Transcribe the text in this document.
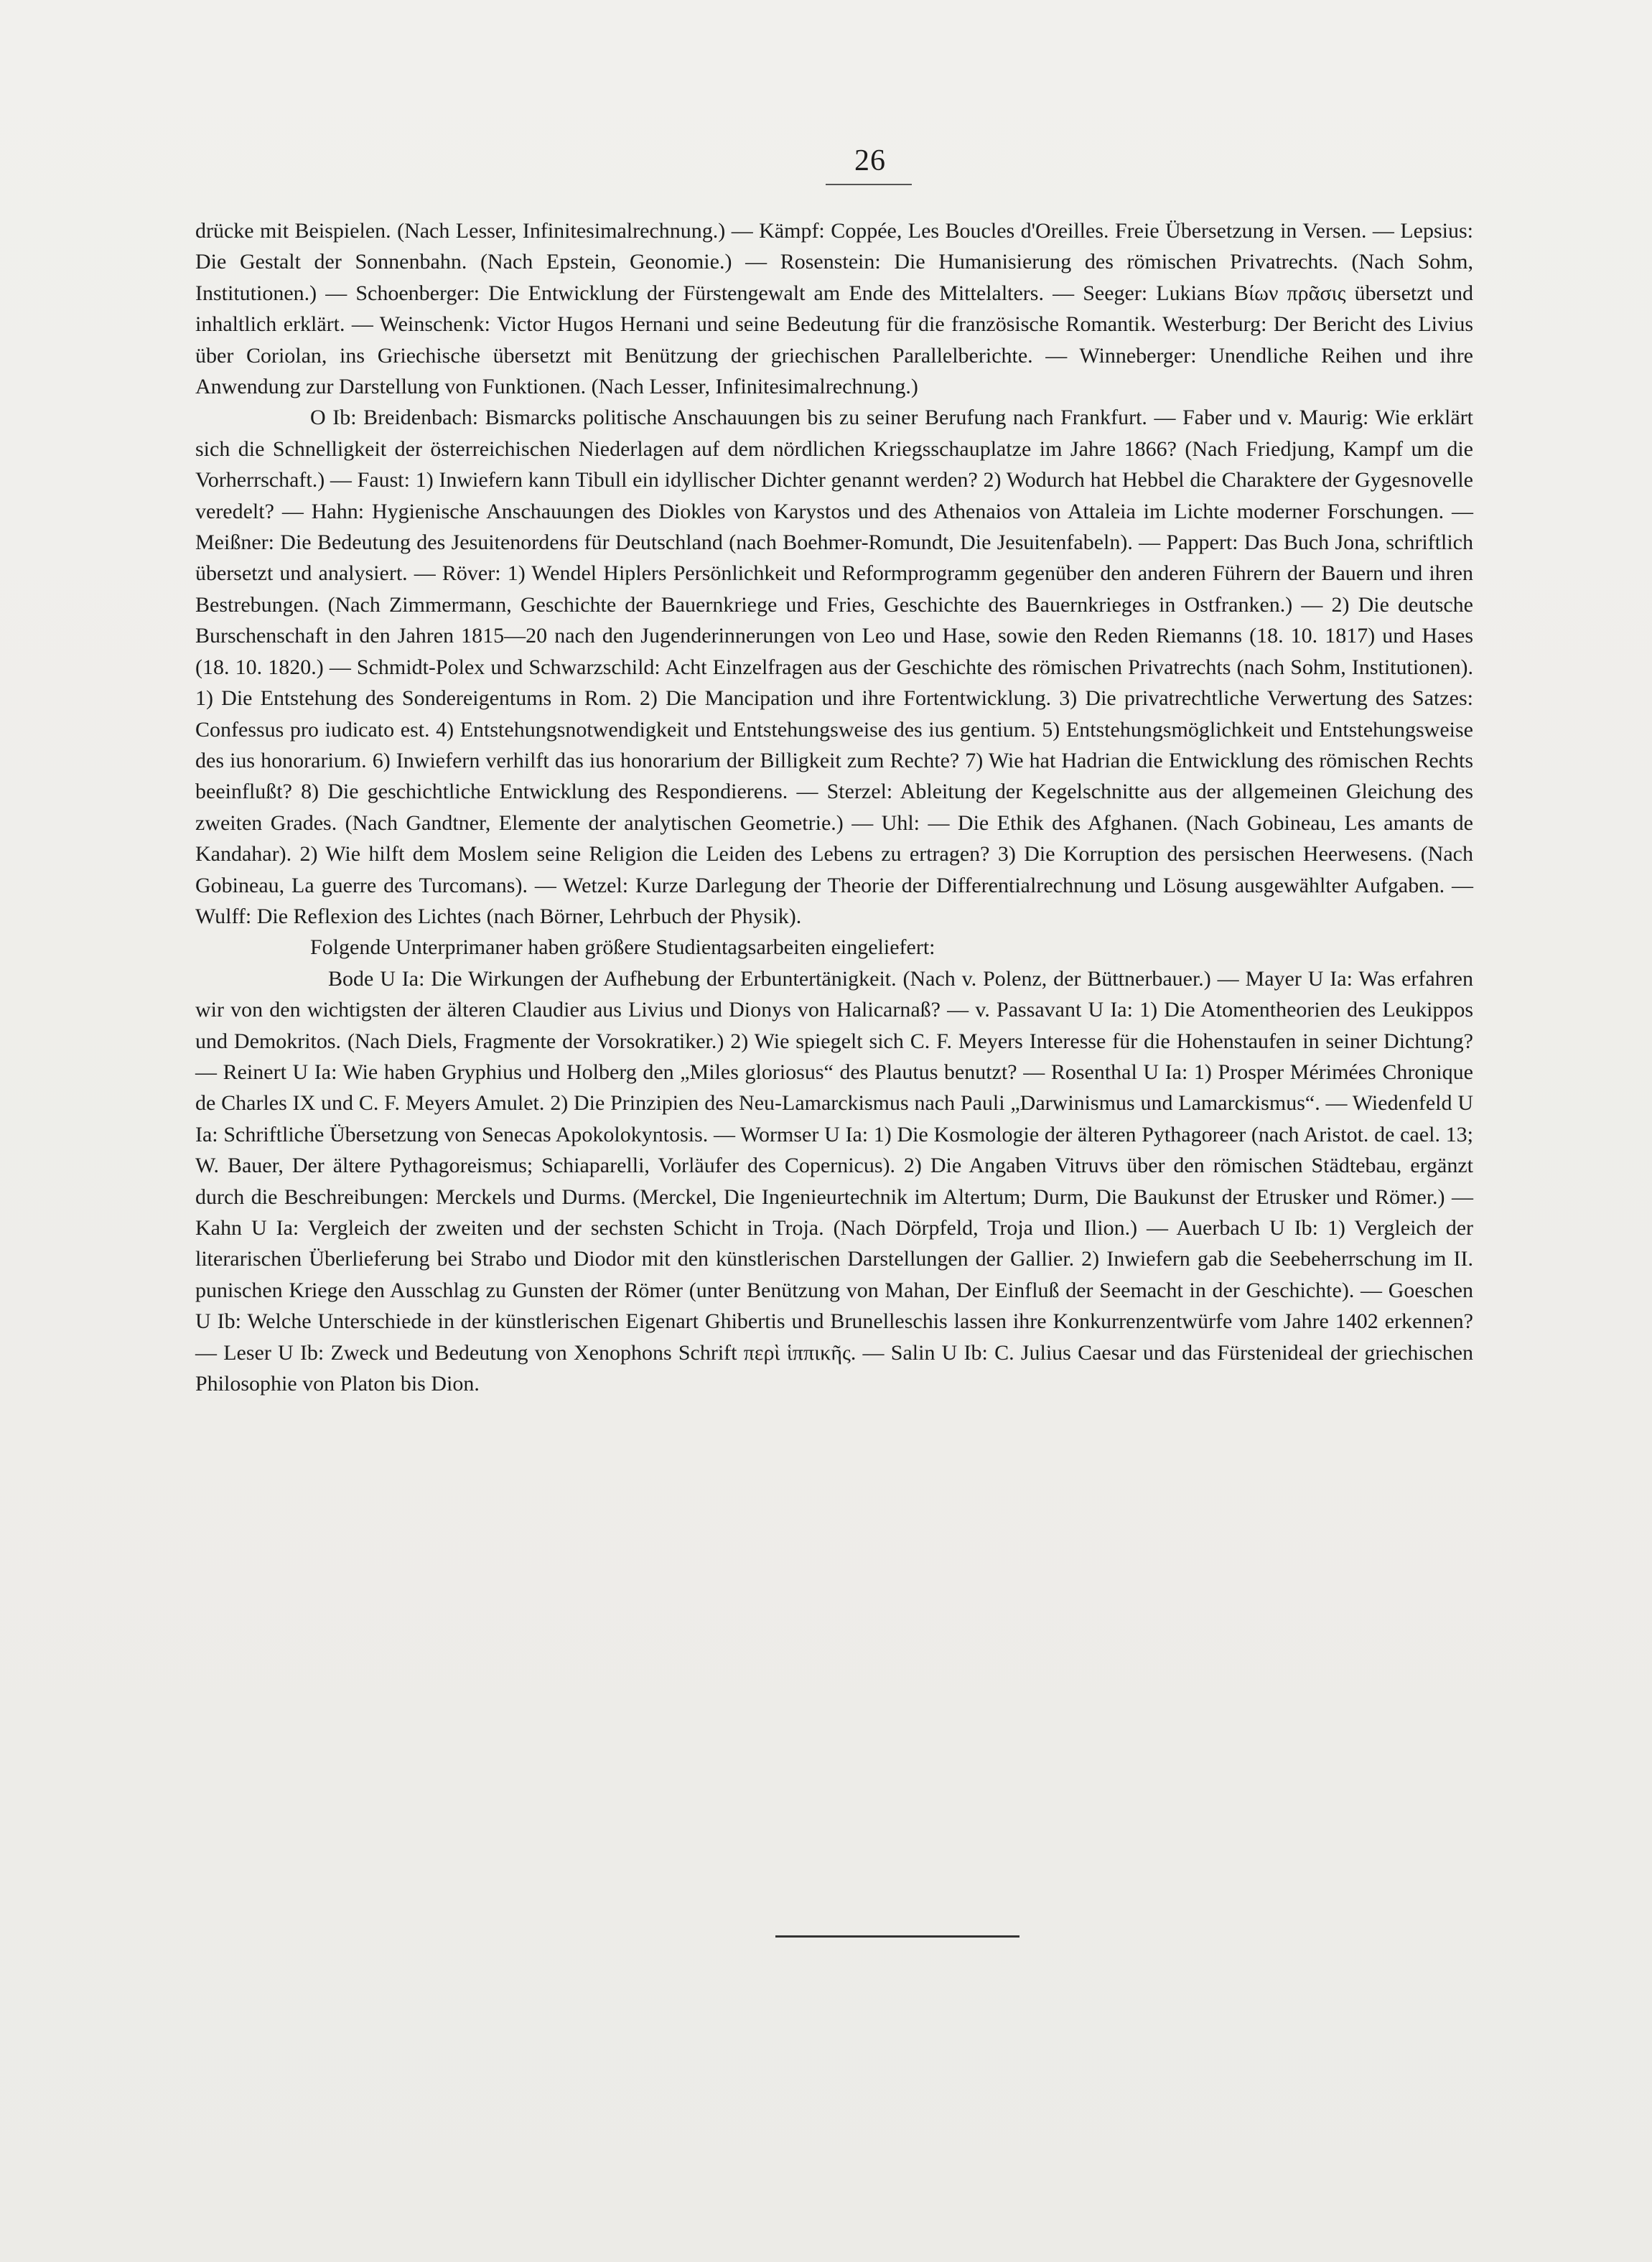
26

drücke mit Beispielen. (Nach Lesser, Infinitesimalrechnung.) — Kämpf: Coppée, Les Boucles d'Oreilles. Freie Übersetzung in Versen. — Lepsius: Die Gestalt der Sonnenbahn. (Nach Epstein, Geonomie.) — Rosenstein: Die Humanisierung des römischen Privatrechts. (Nach Sohm, Institutionen.) — Schoenberger: Die Entwicklung der Fürstengewalt am Ende des Mittelalters. — Seeger: Lukians Βίων πρᾶσις übersetzt und inhaltlich erklärt. — Weinschenk: Victor Hugos Hernani und seine Bedeutung für die französische Romantik. Westerburg: Der Bericht des Livius über Coriolan, ins Griechische übersetzt mit Benützung der griechischen Parallelberichte. — Winneberger: Unendliche Reihen und ihre Anwendung zur Darstellung von Funktionen. (Nach Lesser, Infinitesimalrechnung.)

O Ib: Breidenbach: Bismarcks politische Anschauungen bis zu seiner Berufung nach Frankfurt. — Faber und v. Maurig: Wie erklärt sich die Schnelligkeit der österreichischen Niederlagen auf dem nördlichen Kriegsschauplatze im Jahre 1866? (Nach Friedjung, Kampf um die Vorherrschaft.) — Faust: 1) Inwiefern kann Tibull ein idyllischer Dichter genannt werden? 2) Wodurch hat Hebbel die Charaktere der Gygesnovelle veredelt? — Hahn: Hygienische Anschauungen des Diokles von Karystos und des Athenaios von Attaleia im Lichte moderner Forschungen. — Meißner: Die Bedeutung des Jesuitenordens für Deutschland (nach Boehmer-Romundt, Die Jesuitenfabeln). — Pappert: Das Buch Jona, schriftlich übersetzt und analysiert. — Röver: 1) Wendel Hiplers Persönlichkeit und Reformprogramm gegenüber den anderen Führern der Bauern und ihren Bestrebungen. (Nach Zimmermann, Geschichte der Bauernkriege und Fries, Geschichte des Bauernkrieges in Ostfranken.) — 2) Die deutsche Burschenschaft in den Jahren 1815—20 nach den Jugenderinnerungen von Leo und Hase, sowie den Reden Riemanns (18. 10. 1817) und Hases (18. 10. 1820.) — Schmidt-Polex und Schwarzschild: Acht Einzelfragen aus der Geschichte des römischen Privatrechts (nach Sohm, Institutionen). 1) Die Entstehung des Sondereigentums in Rom. 2) Die Mancipation und ihre Fortentwicklung. 3) Die privatrechtliche Verwertung des Satzes: Confessus pro iudicato est. 4) Entstehungsnotwendigkeit und Entstehungsweise des ius gentium. 5) Entstehungsmöglichkeit und Entstehungsweise des ius honorarium. 6) Inwiefern verhilft das ius honorarium der Billigkeit zum Rechte? 7) Wie hat Hadrian die Entwicklung des römischen Rechts beeinflußt? 8) Die geschichtliche Entwicklung des Respondierens. — Sterzel: Ableitung der Kegelschnitte aus der allgemeinen Gleichung des zweiten Grades. (Nach Gandtner, Elemente der analytischen Geometrie.) — Uhl: — Die Ethik des Afghanen. (Nach Gobineau, Les amants de Kandahar). 2) Wie hilft dem Moslem seine Religion die Leiden des Lebens zu ertragen? 3) Die Korruption des persischen Heerwesens. (Nach Gobineau, La guerre des Turcomans). — Wetzel: Kurze Darlegung der Theorie der Differentialrechnung und Lösung ausgewählter Aufgaben. — Wulff: Die Reflexion des Lichtes (nach Börner, Lehrbuch der Physik).

Folgende Unterprimaner haben größere Studientagsarbeiten eingeliefert:

Bode U Ia: Die Wirkungen der Aufhebung der Erbuntertänigkeit. (Nach v. Polenz, der Büttnerbauer.) — Mayer U Ia: Was erfahren wir von den wichtigsten der älteren Claudier aus Livius und Dionys von Halicarnaß? — v. Passavant U Ia: 1) Die Atomentheorien des Leukippos und Demokritos. (Nach Diels, Fragmente der Vorsokratiker.) 2) Wie spiegelt sich C. F. Meyers Interesse für die Hohenstaufen in seiner Dichtung? — Reinert U Ia: Wie haben Gryphius und Holberg den „Miles gloriosus“ des Plautus benutzt? — Rosenthal U Ia: 1) Prosper Mérimées Chronique de Charles IX und C. F. Meyers Amulet. 2) Die Prinzipien des Neu-Lamarckismus nach Pauli „Darwinismus und Lamarckismus“. — Wiedenfeld U Ia: Schriftliche Übersetzung von Senecas Apokolokyntosis. — Wormser U Ia: 1) Die Kosmologie der älteren Pythagoreer (nach Aristot. de cael. 13; W. Bauer, Der ältere Pythagoreismus; Schiaparelli, Vorläufer des Copernicus). 2) Die Angaben Vitruvs über den römischen Städtebau, ergänzt durch die Beschreibungen: Merckels und Durms. (Merckel, Die Ingenieurtechnik im Altertum; Durm, Die Baukunst der Etrusker und Römer.) — Kahn U Ia: Vergleich der zweiten und der sechsten Schicht in Troja. (Nach Dörpfeld, Troja und Ilion.) — Auerbach U Ib: 1) Vergleich der literarischen Überlieferung bei Strabo und Diodor mit den künstlerischen Darstellungen der Gallier. 2) Inwiefern gab die Seebeherrschung im II. punischen Kriege den Ausschlag zu Gunsten der Römer (unter Benützung von Mahan, Der Einfluß der Seemacht in der Geschichte). — Goeschen U Ib: Welche Unterschiede in der künstlerischen Eigenart Ghibertis und Brunelleschis lassen ihre Konkurrenzentwürfe vom Jahre 1402 erkennen? — Leser U Ib: Zweck und Bedeutung von Xenophons Schrift περὶ ἱππικῆς. — Salin U Ib: C. Julius Caesar und das Fürstenideal der griechischen Philosophie von Platon bis Dion.
